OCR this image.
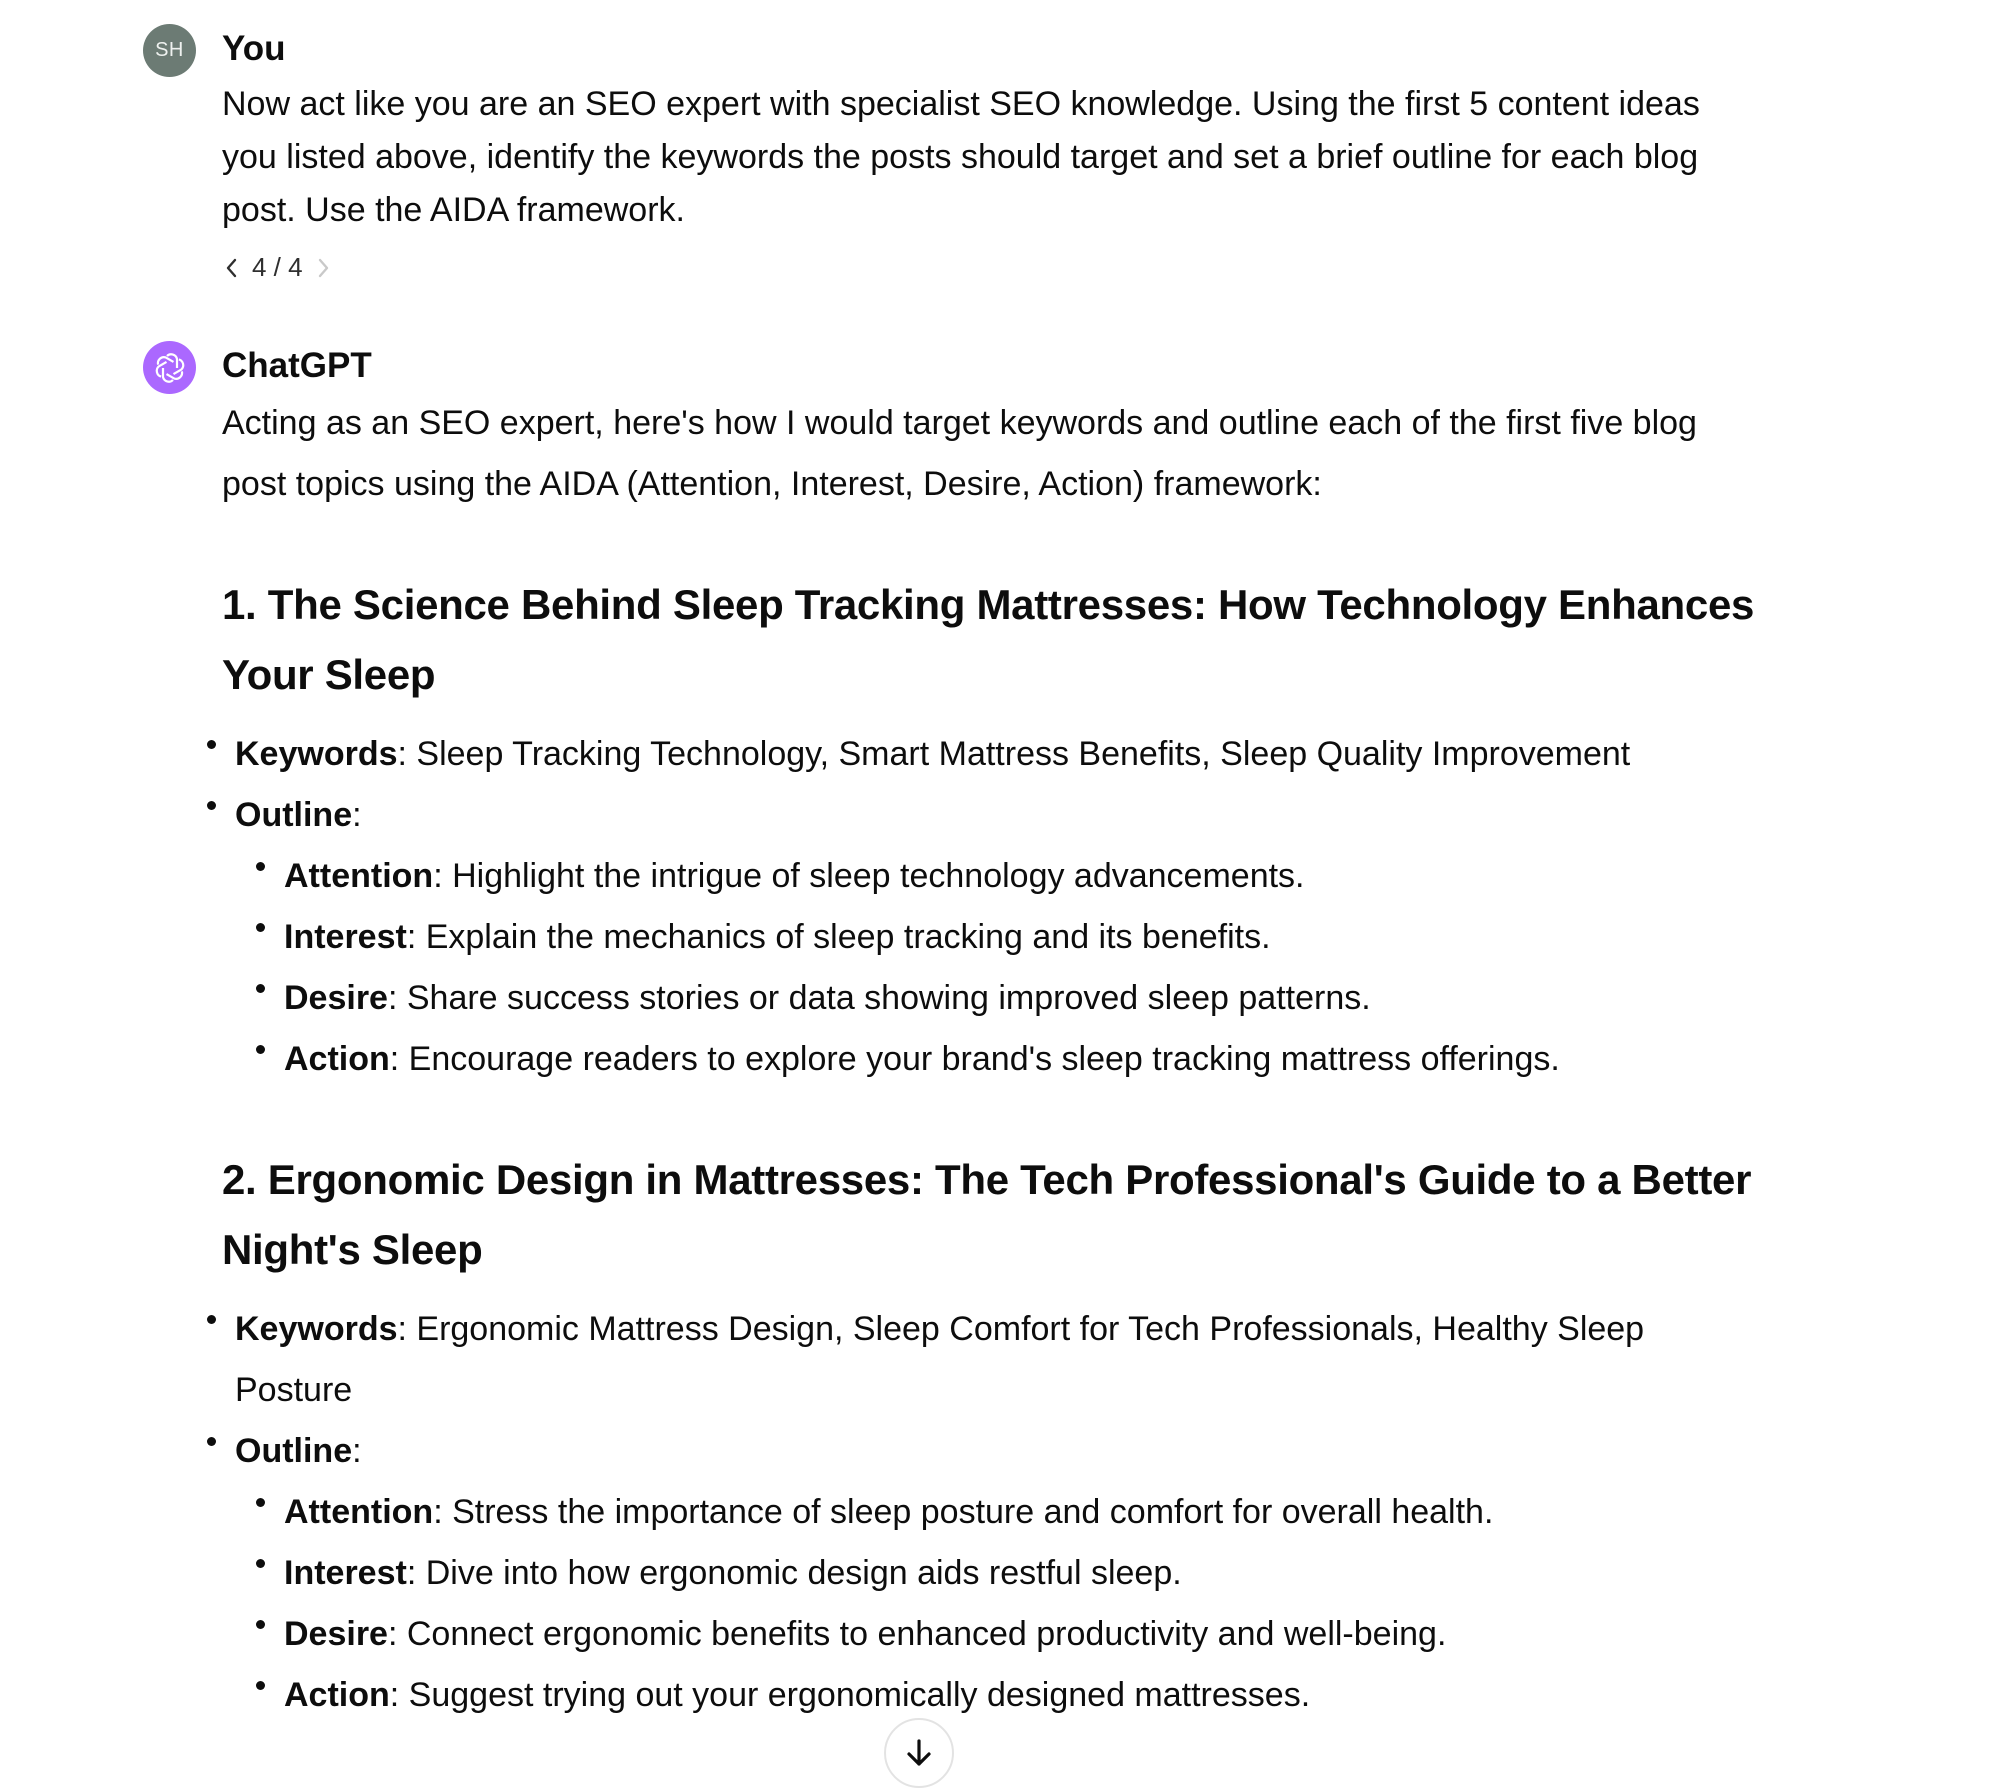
SH You
Now act like you are an SEO expert with specialist SEO knowledge. Using the first 5 content ideas you listed above, identify the keywords the posts should target and set a brief outline for each blog post. Use the AIDA framework.
4 / 4
ChatGPT

Acting as an SEO expert, here's how I would target keywords and outline each of the first five blog post topics using the AIDA (Attention, Interest, Desire, Action) framework:

1. The Science Behind Sleep Tracking Mattresses: How Technology Enhances Your Sleep
Keywords: Sleep Tracking Technology, Smart Mattress Benefits, Sleep Quality Improvement
Outline:
Attention: Highlight the intrigue of sleep technology advancements.
Interest: Explain the mechanics of sleep tracking and its benefits.
Desire: Share success stories or data showing improved sleep patterns.
Action: Encourage readers to explore your brand's sleep tracking mattress offerings.
2. Ergonomic Design in Mattresses: The Tech Professional's Guide to a Better Night's Sleep
Keywords: Ergonomic Mattress Design, Sleep Comfort for Tech Professionals, Healthy Sleep Posture
Outline:
Attention: Stress the importance of sleep posture and comfort for overall health.
Interest: Dive into how ergonomic design aids restful sleep.
Desire: Connect ergonomic benefits to enhanced productivity and well-being.
Action: Suggest trying out your ergonomically designed mattresses.
